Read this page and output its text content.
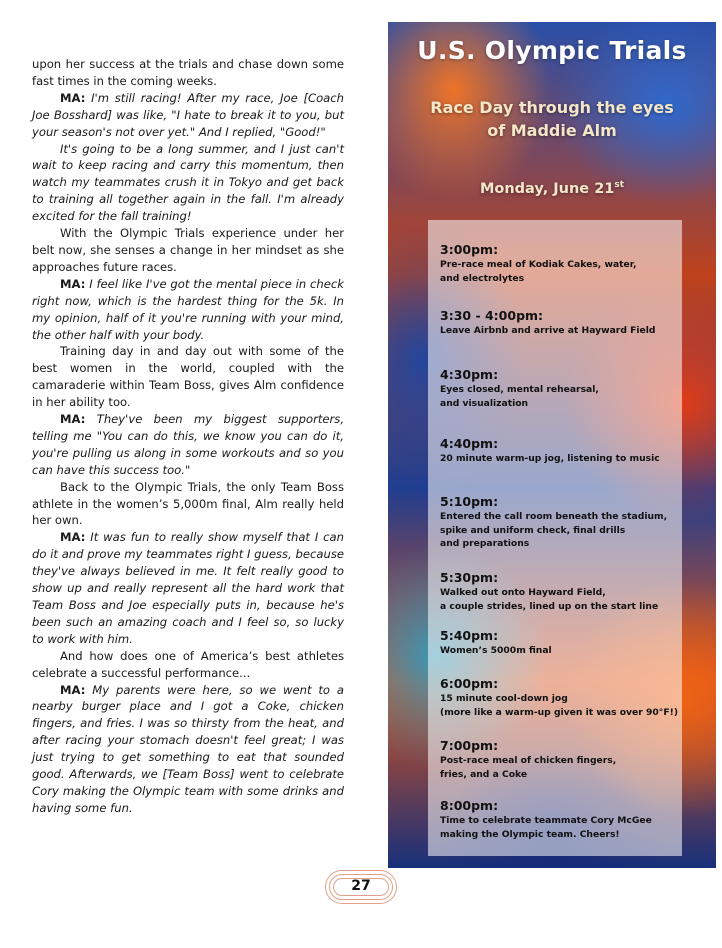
upon her success at the trials and chase down some fast times in the coming weeks.

MA: I'm still racing! After my race, Joe [Coach Joe Bosshard] was like, "I hate to break it to you, but your season's not over yet." And I replied, "Good!"

It's going to be a long summer, and I just can't wait to keep racing and carry this momentum, then watch my teammates crush it in Tokyo and get back to training all together again in the fall. I'm already excited for the fall training!

With the Olympic Trials experience under her belt now, she senses a change in her mindset as she approaches future races.

MA: I feel like I've got the mental piece in check right now, which is the hardest thing for the 5k. In my opinion, half of it you're running with your mind, the other half with your body.

Training day in and day out with some of the best women in the world, coupled with the camaraderie within Team Boss, gives Alm confidence in her ability too.

MA: They've been my biggest supporters, telling me "You can do this, we know you can do it, you're pulling us along in some workouts and so you can have this success too."

Back to the Olympic Trials, the only Team Boss athlete in the women’s 5,000m final, Alm really held her own.

MA: It was fun to really show myself that I can do it and prove my teammates right I guess, because they've always believed in me. It felt really good to show up and really represent all the hard work that Team Boss and Joe especially puts in, because he's been such an amazing coach and I feel so, so lucky to work with him.

And how does one of America’s best athletes celebrate a successful performance...

MA: My parents were here, so we went to a nearby burger place and I got a Coke, chicken fingers, and fries. I was so thirsty from the heat, and after racing your stomach doesn't feel great; I was just trying to get something to eat that sounded good. Afterwards, we [Team Boss] went to celebrate Cory making the Olympic team with some drinks and having some fun.

U.S. Olympic Trials
Race Day through the eyes
of Maddie Alm
Monday, June 21st
3:00pm:
Pre-race meal of Kodiak Cakes, water,
and electrolytes
3:30 - 4:00pm:
Leave Airbnb and arrive at Hayward Field
4:30pm:
Eyes closed, mental rehearsal,
and visualization
4:40pm:
20 minute warm-up jog, listening to music
5:10pm:
Entered the call room beneath the stadium,
spike and uniform check, final drills
and preparations
5:30pm:
Walked out onto Hayward Field,
a couple strides, lined up on the start line
5:40pm:
Women’s 5000m final
6:00pm:
15 minute cool-down jog
(more like a warm-up given it was over 90°F!)
7:00pm:
Post-race meal of chicken fingers,
fries, and a Coke
8:00pm:
Time to celebrate teammate Cory McGee
making the Olympic team. Cheers!
27
